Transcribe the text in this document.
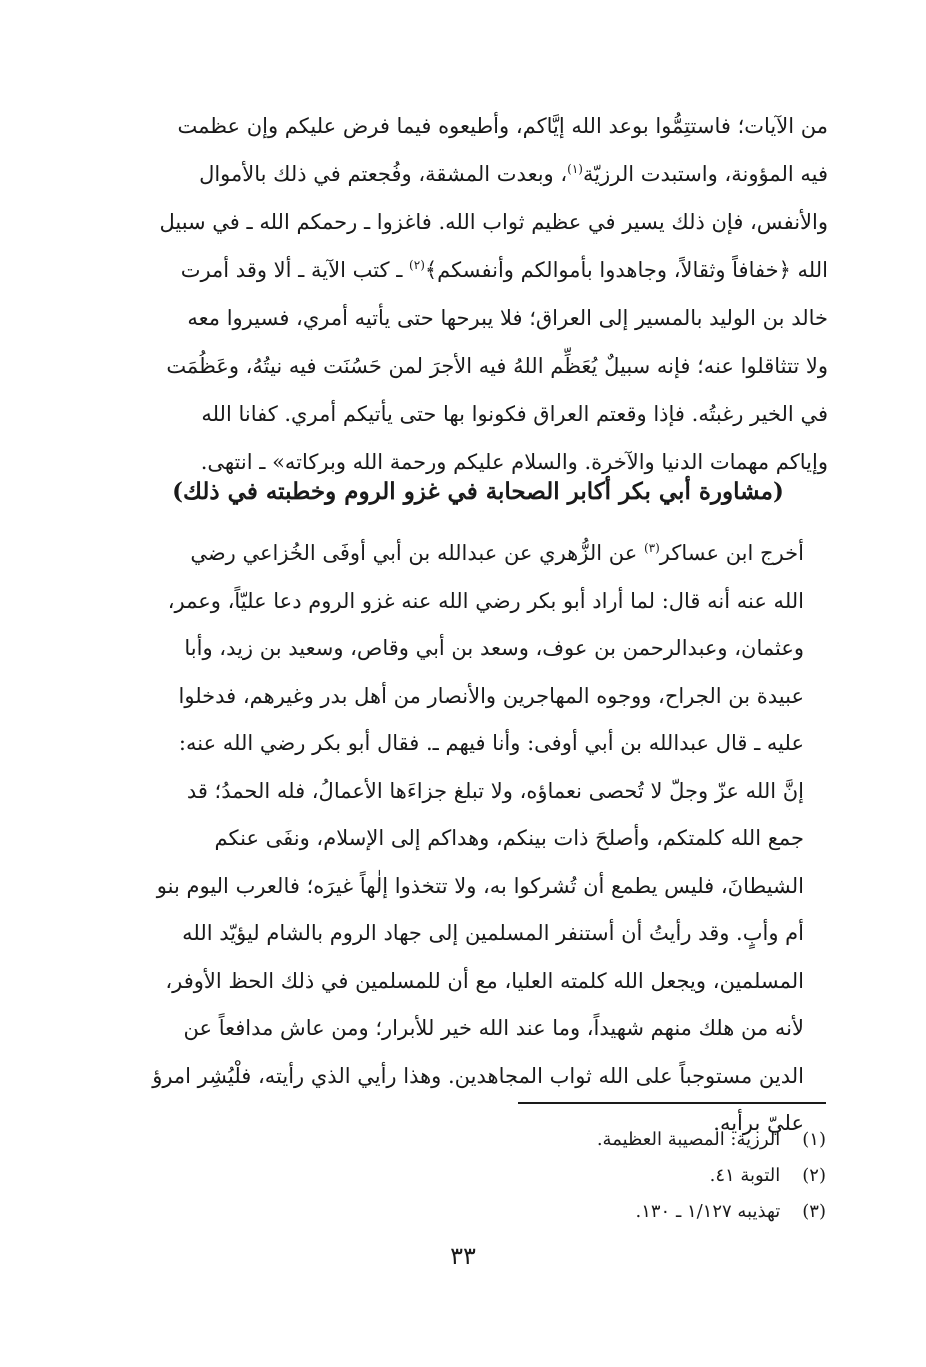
من الآيات؛ فاستتِمُّوا بوعد الله إيَّاكم، وأطيعوه فيما فرض عليكم وإن عظمت
فيه المؤونة، واستبدت الرزيّة$^{(١)}$، وبعدت المشقة، وفُجعتم في ذلك بالأموال
والأنفس، فإن ذلك يسير في عظيم ثواب الله. فاغزوا ـ رحمكم الله ـ في سبيل
الله ﴿خفافاً وثقالاً، وجاهدوا بأموالكم وأنفسكم﴾$^{(٢)}$ ـ كتب الآية ـ ألا وقد أمرت
خالد بن الوليد بالمسير إلى العراق؛ فلا يبرحها حتى يأتيه أمري، فسيروا معه
ولا تتثاقلوا عنه؛ فإنه سبيلٌ يُعَظِّم اللهُ فيه الأجرَ لمن حَسُنَت فيه نيتُهُ، وعَظُمَت
في الخير رغبتُه. فإذا وقعتم العراق فكونوا بها حتى يأتيكم أمري. كفانا الله
وإياكم مهمات الدنيا والآخرة. والسلام عليكم ورحمة الله وبركاته» ـ انتهى.
(مشاورة أبي بكر أكابر الصحابة في غزو الروم وخطبته في ذلك)
أخرج ابن عساكر$^{(٣)}$ عن الزُّهري عن عبدالله بن أبي أوفَى الخُزاعي رضي
الله عنه أنه قال: لما أراد أبو بكر رضي الله عنه غزو الروم دعا عليّاً، وعمر،
وعثمان، وعبدالرحمن بن عوف، وسعد بن أبي وقاص، وسعيد بن زيد، وأبا
عبيدة بن الجراح، ووجوه المهاجرين والأنصار من أهل بدر وغيرهم، فدخلوا
عليه ـ قال عبدالله بن أبي أوفى: وأنا فيهم ـ. فقال أبو بكر رضي الله عنه:
إنَّ الله عزّ وجلّ لا تُحصى نعماؤه، ولا تبلغ جزاءَها الأعمالُ، فله الحمدُ؛ قد
جمع الله كلمتكم، وأصلحَ ذات بينكم، وهداكم إلى الإسلام، ونفَى عنكم
الشيطانَ، فليس يطمع أن تُشركوا به، ولا تتخذوا إلٰهاً غيرَه؛ فالعرب اليوم بنو
أم وأبٍ. وقد رأيتُ أن أستنفر المسلمين إلى جهاد الروم بالشام ليؤيّد الله
المسلمين، ويجعل الله كلمته العليا، مع أن للمسلمين في ذلك الحظ الأوفر،
لأنه من هلك منهم شهيداً، وما عند الله خير للأبرار؛ ومن عاش مدافعاً عن
الدين مستوجباً على الله ثواب المجاهدين. وهذا رأيي الذي رأيته، فلْيُشِر امرؤ
عليّ برأيه.
(١) الرزية: المصيبة العظيمة.
(٢) التوبة ٤١.
(٣) تهذيبه ١/١٢٧ ـ ١٣٠.
٣٣
